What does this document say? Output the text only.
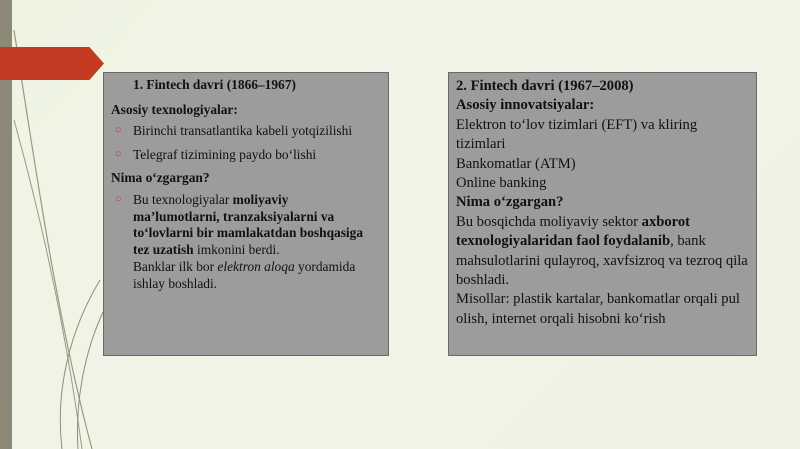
1. Fintech davri (1866–1967)
Asosiy texnologiyalar:
○ Birinchi transatlantika kabeli yotqizilishi
○ Telegraf tizimining paydo bo‘lishi
Nima o‘zgargan?
○ Bu texnologiyalar moliyaviy ma’lumotlarni, tranzaksiyalarni va to‘lovlarni bir mamlakatdan boshqasiga tez uzatish imkonini berdi.
Banklar ilk bor elektron aloqa yordamida ishlay boshladi.
2. Fintech davri (1967–2008)
Asosiy innovatsiyalar:
Elektron to‘lov tizimlari (EFT) va kliring tizimlari
Bankomatlar (ATM)
Online banking
Nima o‘zgargan?
Bu bosqichda moliyaviy sektor axborot texnologiyalaridan faol foydalanib, bank mahsulotlarini qulayroq, xavfsizroq va tezroq qila boshladi.
Misollar: plastik kartalar, bankomatlar orqali pul olish, internet orqali hisobni ko‘rish
